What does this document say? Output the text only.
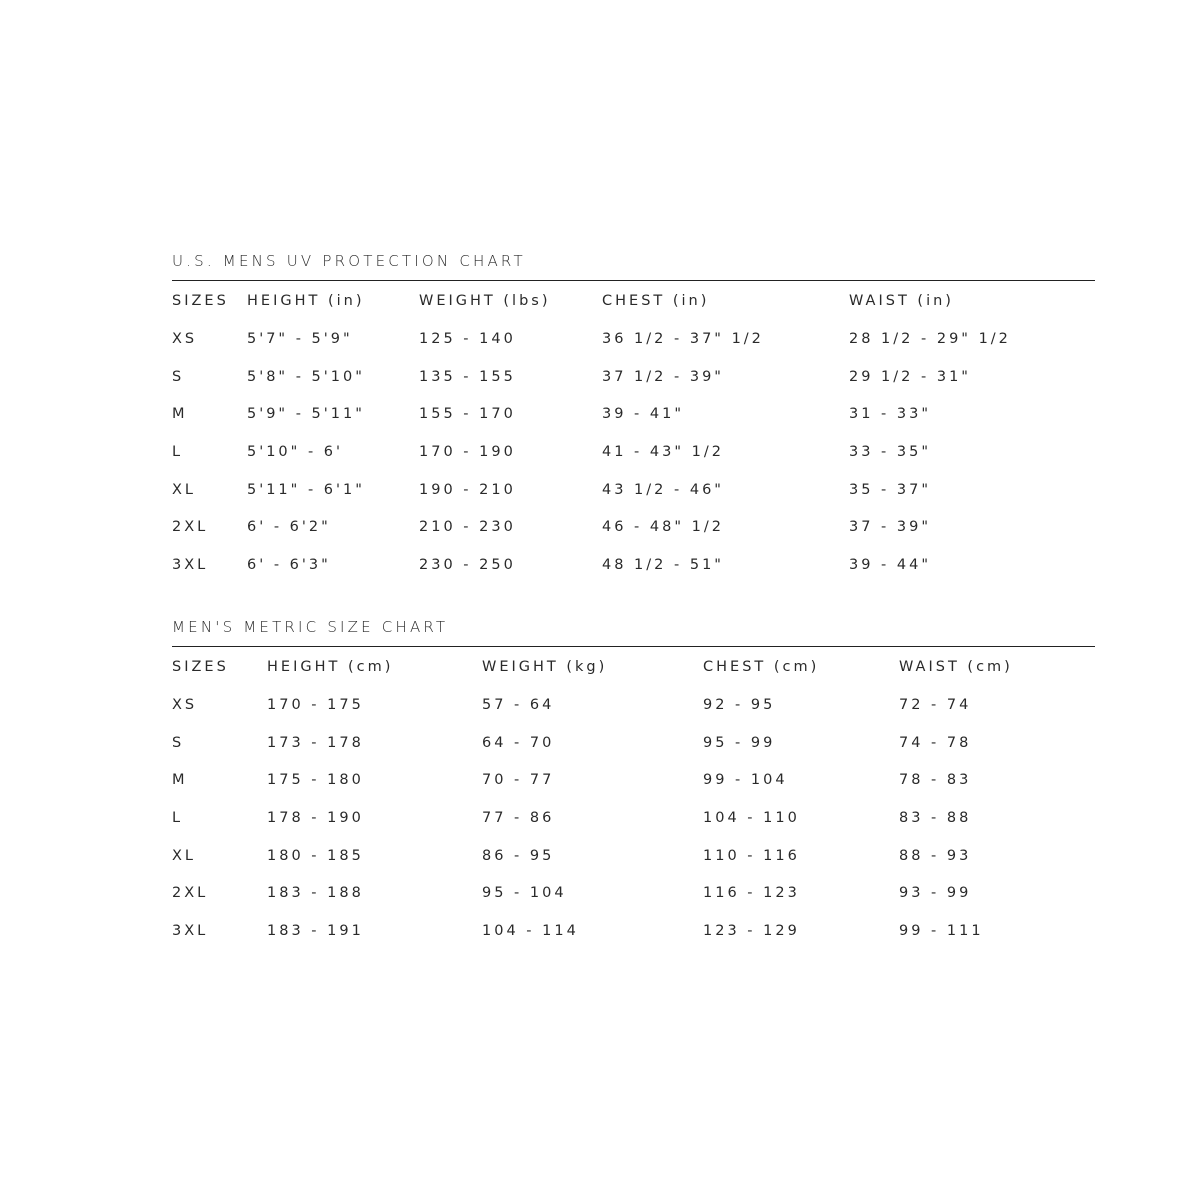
U.S. MENS UV PROTECTION CHART
SIZES	HEIGHT (in)	WEIGHT (lbs)	CHEST (in)	WAIST (in)
XS	5'7" - 5'9"	125 - 140	36 1/2 - 37" 1/2	28 1/2 - 29" 1/2
S	5'8" - 5'10"	135 - 155	37 1/2 - 39"	29 1/2 - 31"
M	5'9" - 5'11"	155 - 170	39 - 41"	31 - 33"
L	5'10" - 6'	170 - 190	41 - 43" 1/2	33 - 35"
XL	5'11" - 6'1"	190 - 210	43 1/2 - 46"	35 - 37"
2XL	6' - 6'2"	210 - 230	46 - 48" 1/2	37 - 39"
3XL	6' - 6'3"	230 - 250	48 1/2 - 51"	39 - 44"
MEN'S METRIC SIZE CHART
SIZES	HEIGHT (cm)	WEIGHT (kg)	CHEST (cm)	WAIST (cm)
XS	170 - 175	57 - 64	92 - 95	72 - 74
S	173 - 178	64 - 70	95 - 99	74 - 78
M	175 - 180	70 - 77	99 - 104	78 - 83
L	178 - 190	77 - 86	104 - 110	83 - 88
XL	180 - 185	86 - 95	110 - 116	88 - 93
2XL	183 - 188	95 - 104	116 - 123	93 - 99
3XL	183 - 191	104 - 114	123 - 129	99 - 111
